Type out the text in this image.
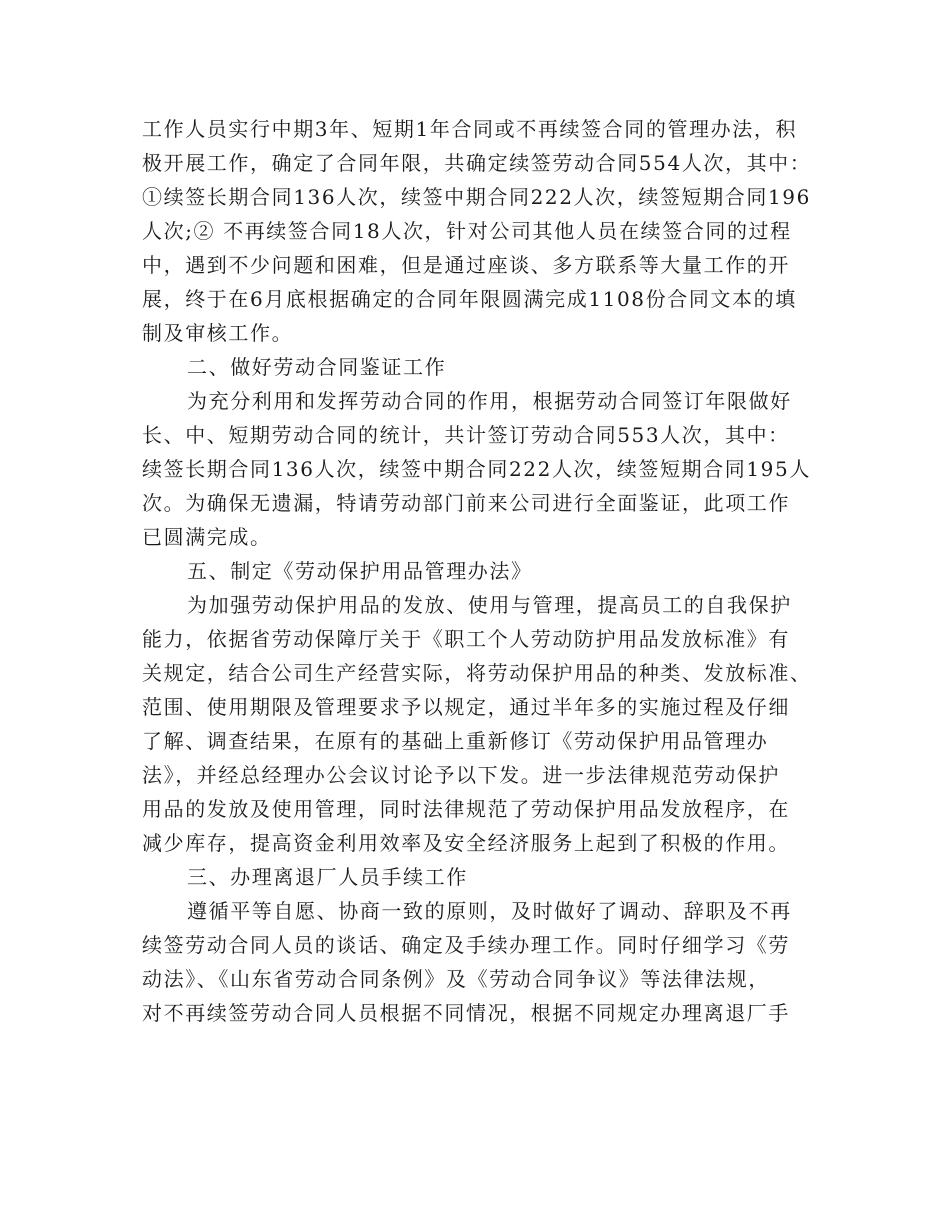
工作人员实行中期3年、短期1年合同或不再续签合同的管理办法，积
极开展工作，确定了合同年限，共确定续签劳动合同554人次，其中：
①续签长期合同136人次，续签中期合同222人次，续签短期合同196
人次;② 不再续签合同18人次，针对公司其他人员在续签合同的过程
中，遇到不少问题和困难，但是通过座谈、多方联系等大量工作的开
展，终于在6月底根据确定的合同年限圆满完成1108份合同文本的填
制及审核工作。
二、做好劳动合同鉴证工作
为充分利用和发挥劳动合同的作用，根据劳动合同签订年限做好
长、中、短期劳动合同的统计，共计签订劳动合同553人次，其中：
续签长期合同136人次，续签中期合同222人次，续签短期合同195人
次。为确保无遗漏，特请劳动部门前来公司进行全面鉴证，此项工作
已圆满完成。
五、制定《劳动保护用品管理办法》
为加强劳动保护用品的发放、使用与管理，提高员工的自我保护
能力，依据省劳动保障厅关于《职工个人劳动防护用品发放标准》有
关规定，结合公司生产经营实际，将劳动保护用品的种类、发放标准、
范围、使用期限及管理要求予以规定，通过半年多的实施过程及仔细
了解、调查结果，在原有的基础上重新修订《劳动保护用品管理办
法》，并经总经理办公会议讨论予以下发。进一步法律规范劳动保护
用品的发放及使用管理，同时法律规范了劳动保护用品发放程序，在
减少库存，提高资金利用效率及安全经济服务上起到了积极的作用。
三、办理离退厂人员手续工作
遵循平等自愿、协商一致的原则，及时做好了调动、辞职及不再
续签劳动合同人员的谈话、确定及手续办理工作。同时仔细学习《劳
动法》、《山东省劳动合同条例》及《劳动合同争议》等法律法规，
对不再续签劳动合同人员根据不同情况，根据不同规定办理离退厂手
